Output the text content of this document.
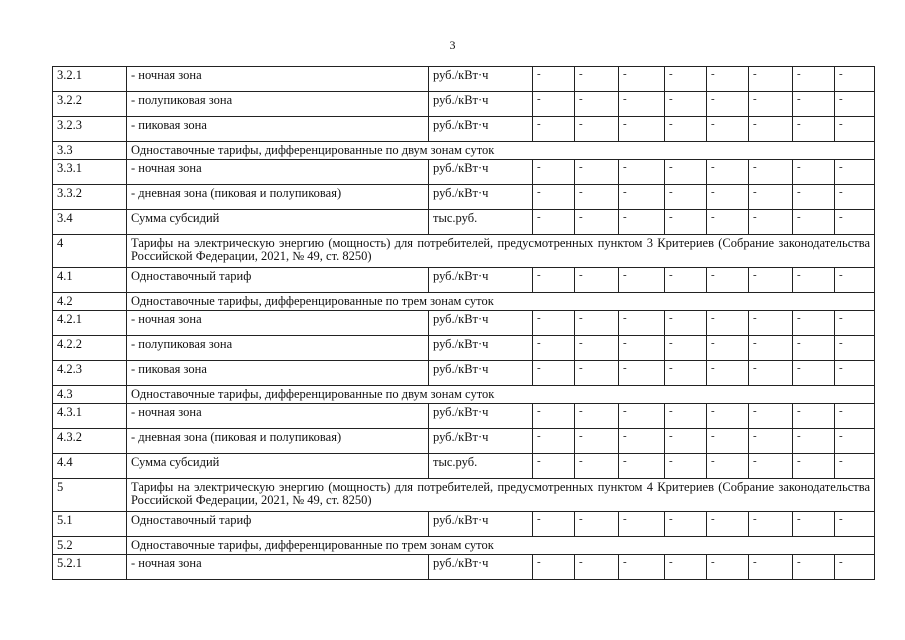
3
3.2.1	- ночная зона	руб./кВт·ч	-	-	-	-	-	-	-	-
3.2.2	- полупиковая зона	руб./кВт·ч	-	-	-	-	-	-	-	-
3.2.3	- пиковая зона	руб./кВт·ч	-	-	-	-	-	-	-	-
3.3	Одноставочные тарифы, дифференцированные по двум зонам суток									
3.3.1	- ночная зона	руб./кВт·ч	-	-	-	-	-	-	-	-
3.3.2	- дневная зона (пиковая и полупиковая)	руб./кВт·ч	-	-	-	-	-	-	-	-
3.4	Сумма субсидий	тыс.руб.	-	-	-	-	-	-	-	-
4	Тарифы на электрическую энергию (мощность) для потребителей, предусмотренных пунктом 3 Критериев (Собрание законодательства Российской Федерации, 2021, № 49, ст. 8250)									
4.1	Одноставочный тариф	руб./кВт·ч	-	-	-	-	-	-	-	-
4.2	Одноставочные тарифы, дифференцированные по трем зонам суток									
4.2.1	- ночная зона	руб./кВт·ч	-	-	-	-	-	-	-	-
4.2.2	- полупиковая зона	руб./кВт·ч	-	-	-	-	-	-	-	-
4.2.3	- пиковая зона	руб./кВт·ч	-	-	-	-	-	-	-	-
4.3	Одноставочные тарифы, дифференцированные по двум зонам суток									
4.3.1	- ночная зона	руб./кВт·ч	-	-	-	-	-	-	-	-
4.3.2	- дневная зона (пиковая и полупиковая)	руб./кВт·ч	-	-	-	-	-	-	-	-
4.4	Сумма субсидий	тыс.руб.	-	-	-	-	-	-	-	-
5	Тарифы на электрическую энергию (мощность) для потребителей, предусмотренных пунктом 4 Критериев (Собрание законодательства Российской Федерации, 2021, № 49, ст. 8250)									
5.1	Одноставочный тариф	руб./кВт·ч	-	-	-	-	-	-	-	-
5.2	Одноставочные тарифы, дифференцированные по трем зонам суток									
5.2.1	- ночная зона	руб./кВт·ч	-	-	-	-	-	-	-	-
